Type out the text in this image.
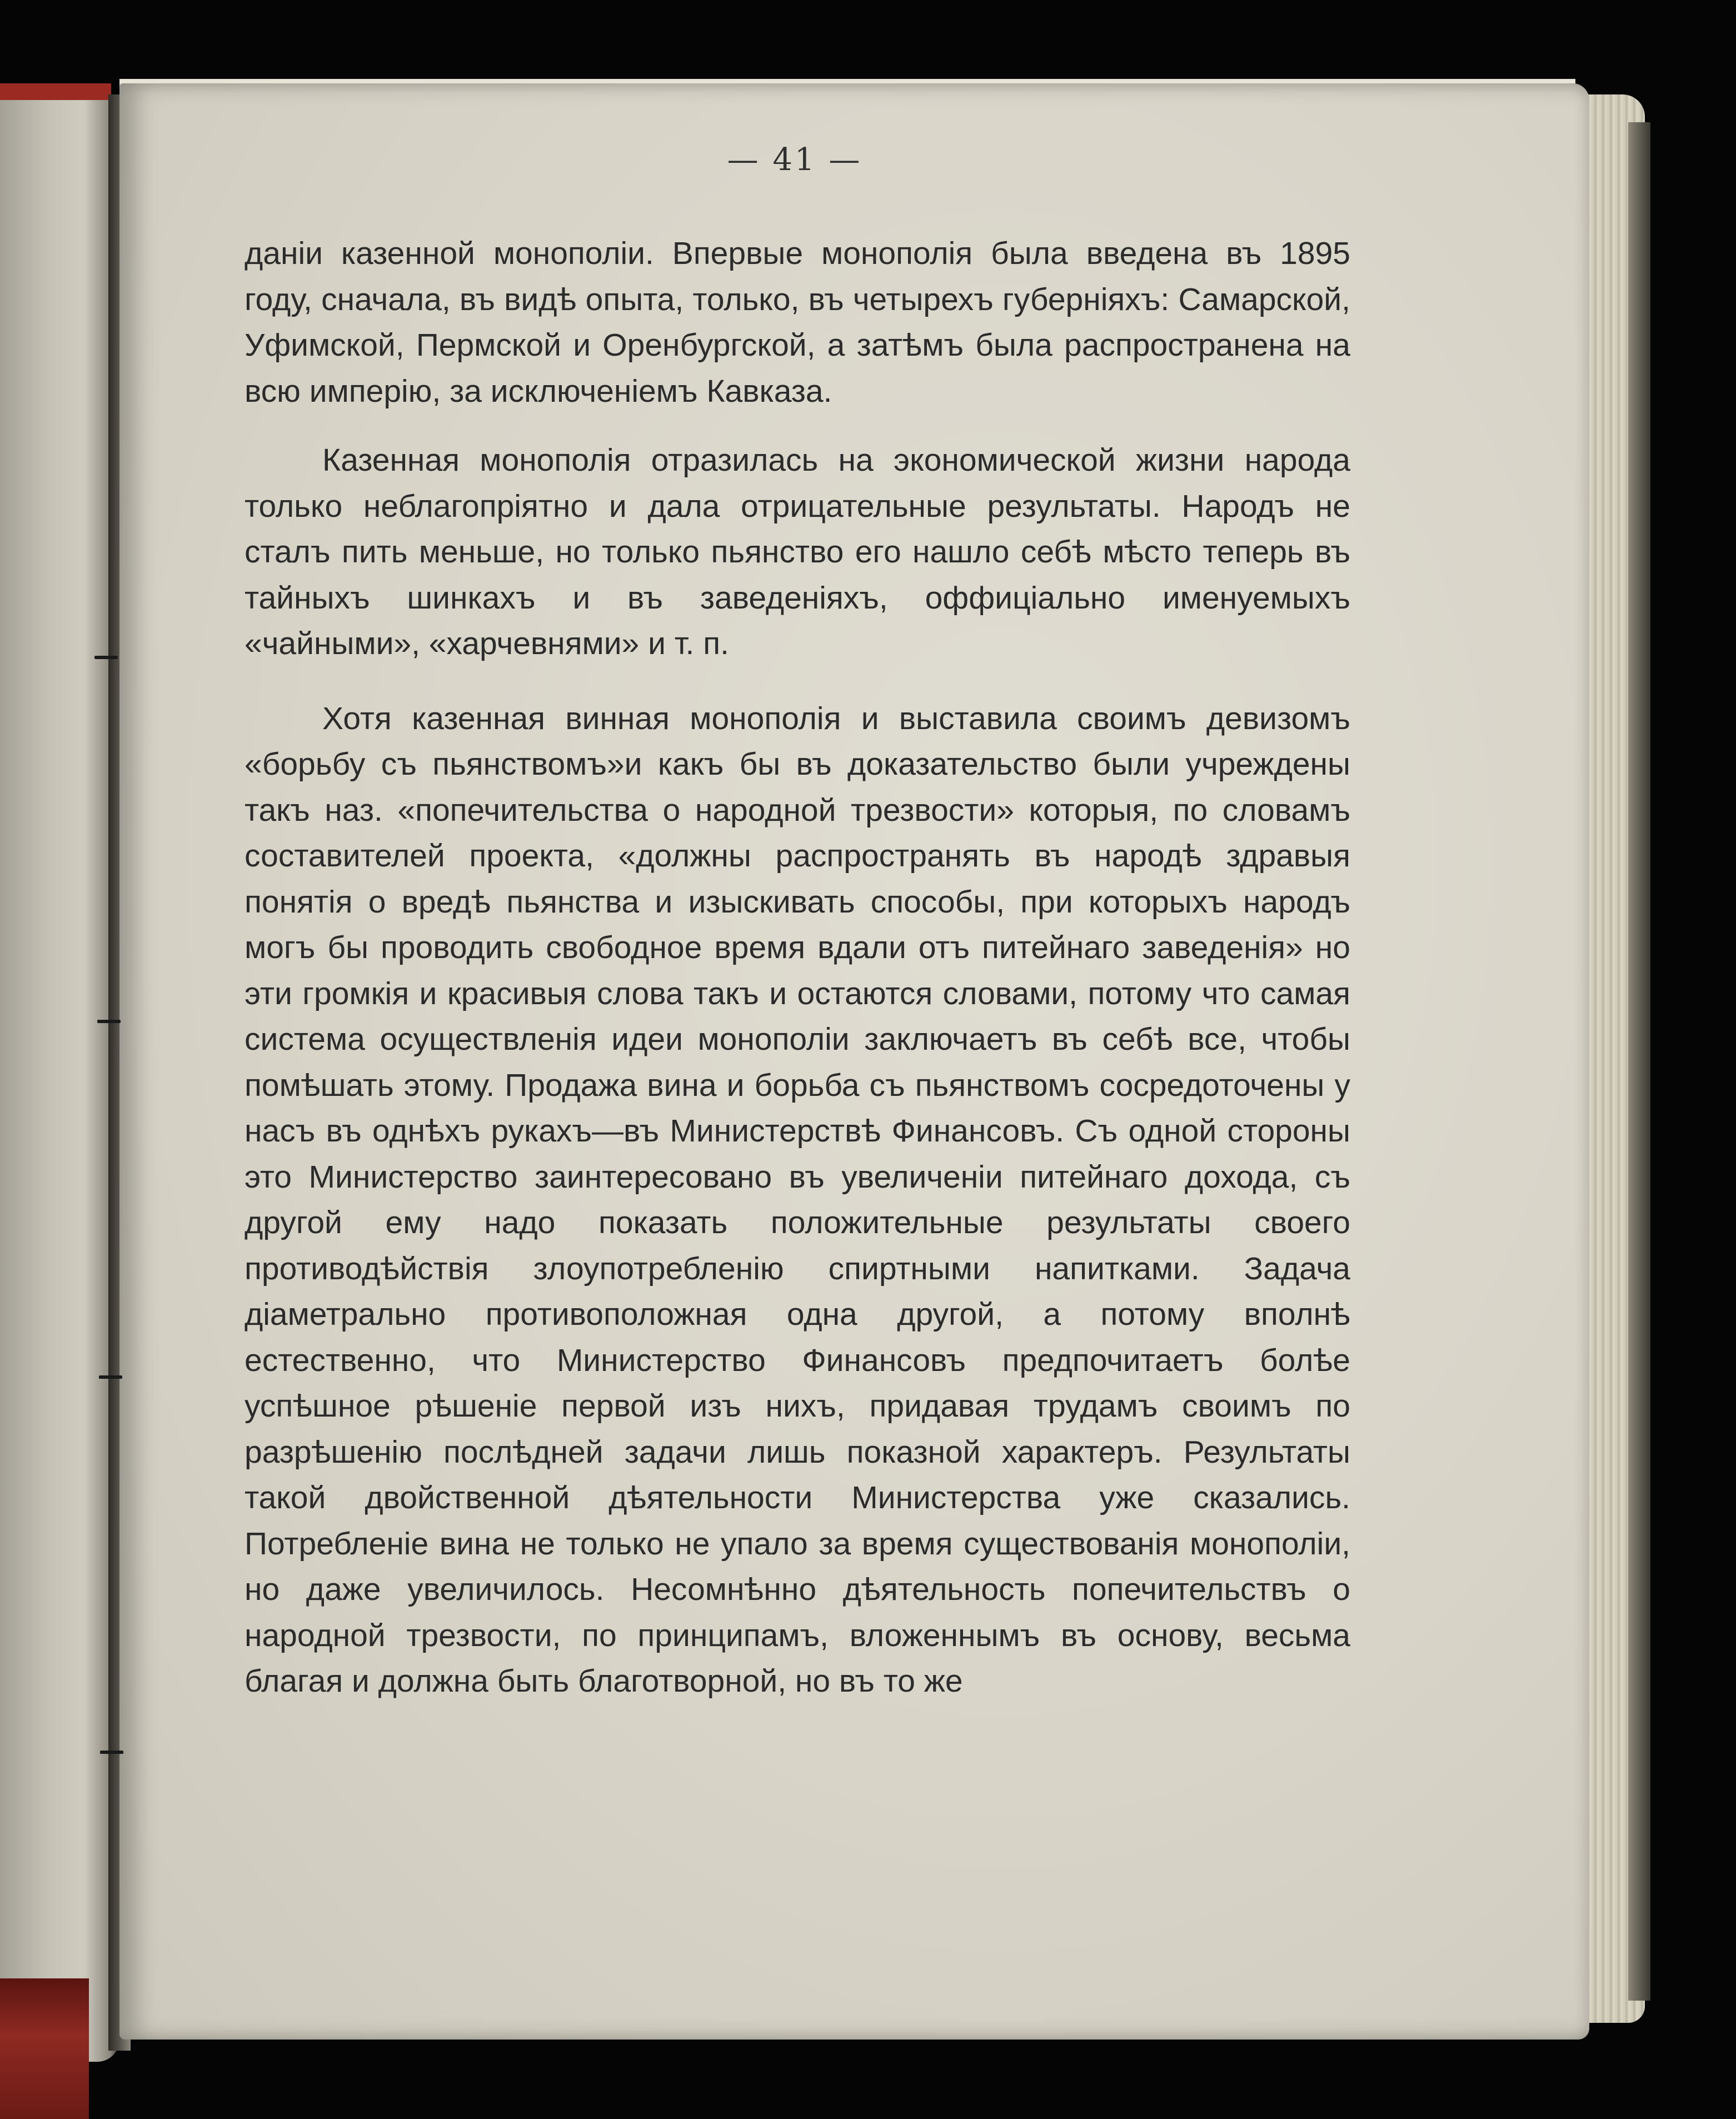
— 41 —

даніи казенной монополіи. Впервые монополія была введена въ 1895 году, сначала, въ видѣ опыта, только, въ четырехъ губерніяхъ: Самарской, Уфимской, Пермской и Оренбургской, а затѣмъ была распространена на всю имперію, за исключеніемъ Кавказа.

Казенная монополія отразилась на экономической жизни народа только неблагопріятно и дала отрицательные результаты. Народъ не сталъ пить меньше, но только пьянство его нашло себѣ мѣсто теперь въ тайныхъ шинкахъ и въ заведеніяхъ, оффиціально именуемыхъ «чайными», «харчевнями» и т. п.

Хотя казенная винная монополія и выставила своимъ девизомъ «борьбу съ пьянствомъ»и какъ бы въ доказательство были учреждены такъ наз. «попечительства о народной трезвости» которыя, по словамъ составителей проекта, «должны распространять въ народѣ здравыя понятія о вредѣ пьянства и изыскивать способы, при которыхъ народъ могъ бы проводить свободное время вдали отъ питейнаго заведенія» но эти громкія и красивыя слова такъ и остаются словами, потому что самая система осуществленія идеи монополіи заключаетъ въ себѣ все, чтобы помѣшать этому. Продажа вина и борьба съ пьянствомъ сосредоточены у насъ въ однѣхъ рукахъ—въ Министерствѣ Финансовъ. Съ одной стороны это Министерство заинтересовано въ увеличеніи питейнаго дохода, съ другой ему надо показать положительные результаты своего противодѣйствія злоупотребленію спиртными напитками. Задача діаметрально противоположная одна другой, а потому вполнѣ естественно, что Министерство Финансовъ предпочитаетъ болѣе успѣшное рѣшеніе первой изъ нихъ, придавая трудамъ своимъ по разрѣшенію послѣдней задачи лишь показной характеръ. Результаты такой двойственной дѣятельности Министерства уже сказались. Потребленіе вина не только не упало за время существованія монополіи, но даже увеличилось. Несомнѣнно дѣятельность попечительствъ о народной трезвости, по принципамъ, вложеннымъ въ основу, весьма благая и должна быть благотворной, но въ то же
